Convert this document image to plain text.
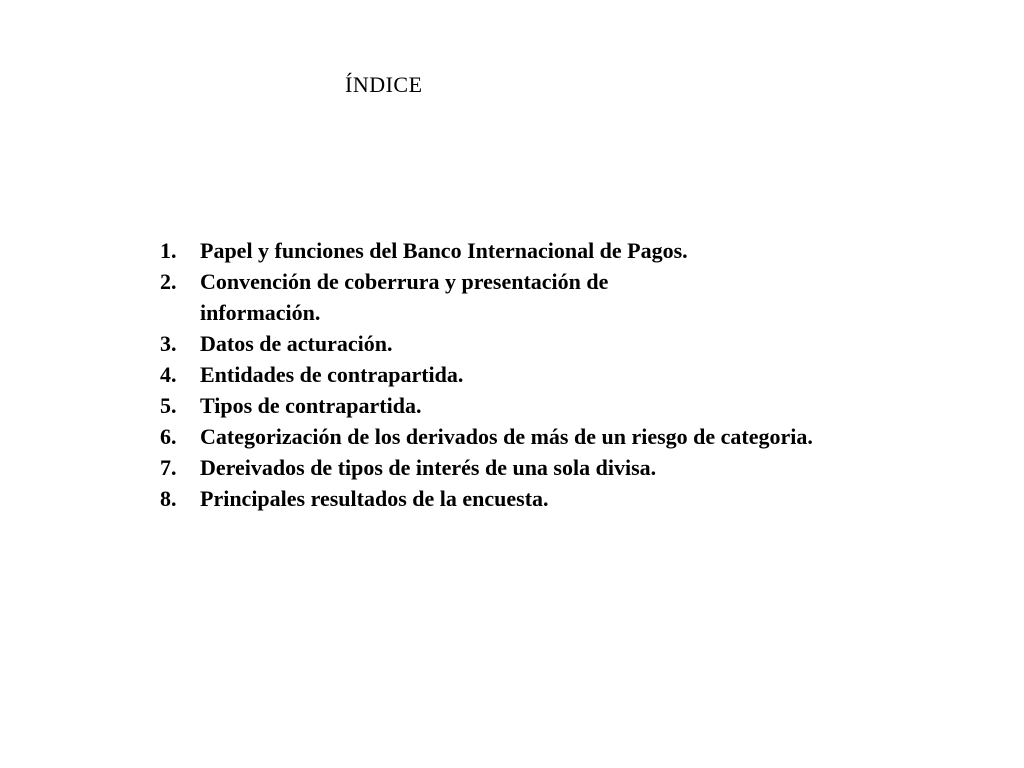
ÍNDICE
1.	Papel y funciones del Banco Internacional de Pagos.
2.	Convención de coberrura y presentación de información.
3.	Datos de acturación.
4.	Entidades de contrapartida.
5.	Tipos de contrapartida.
6.	Categorización de los derivados de más de un riesgo de categoria.
7.	Dereivados de tipos de interés de una sola divisa.
8.	Principales resultados de la encuesta.
